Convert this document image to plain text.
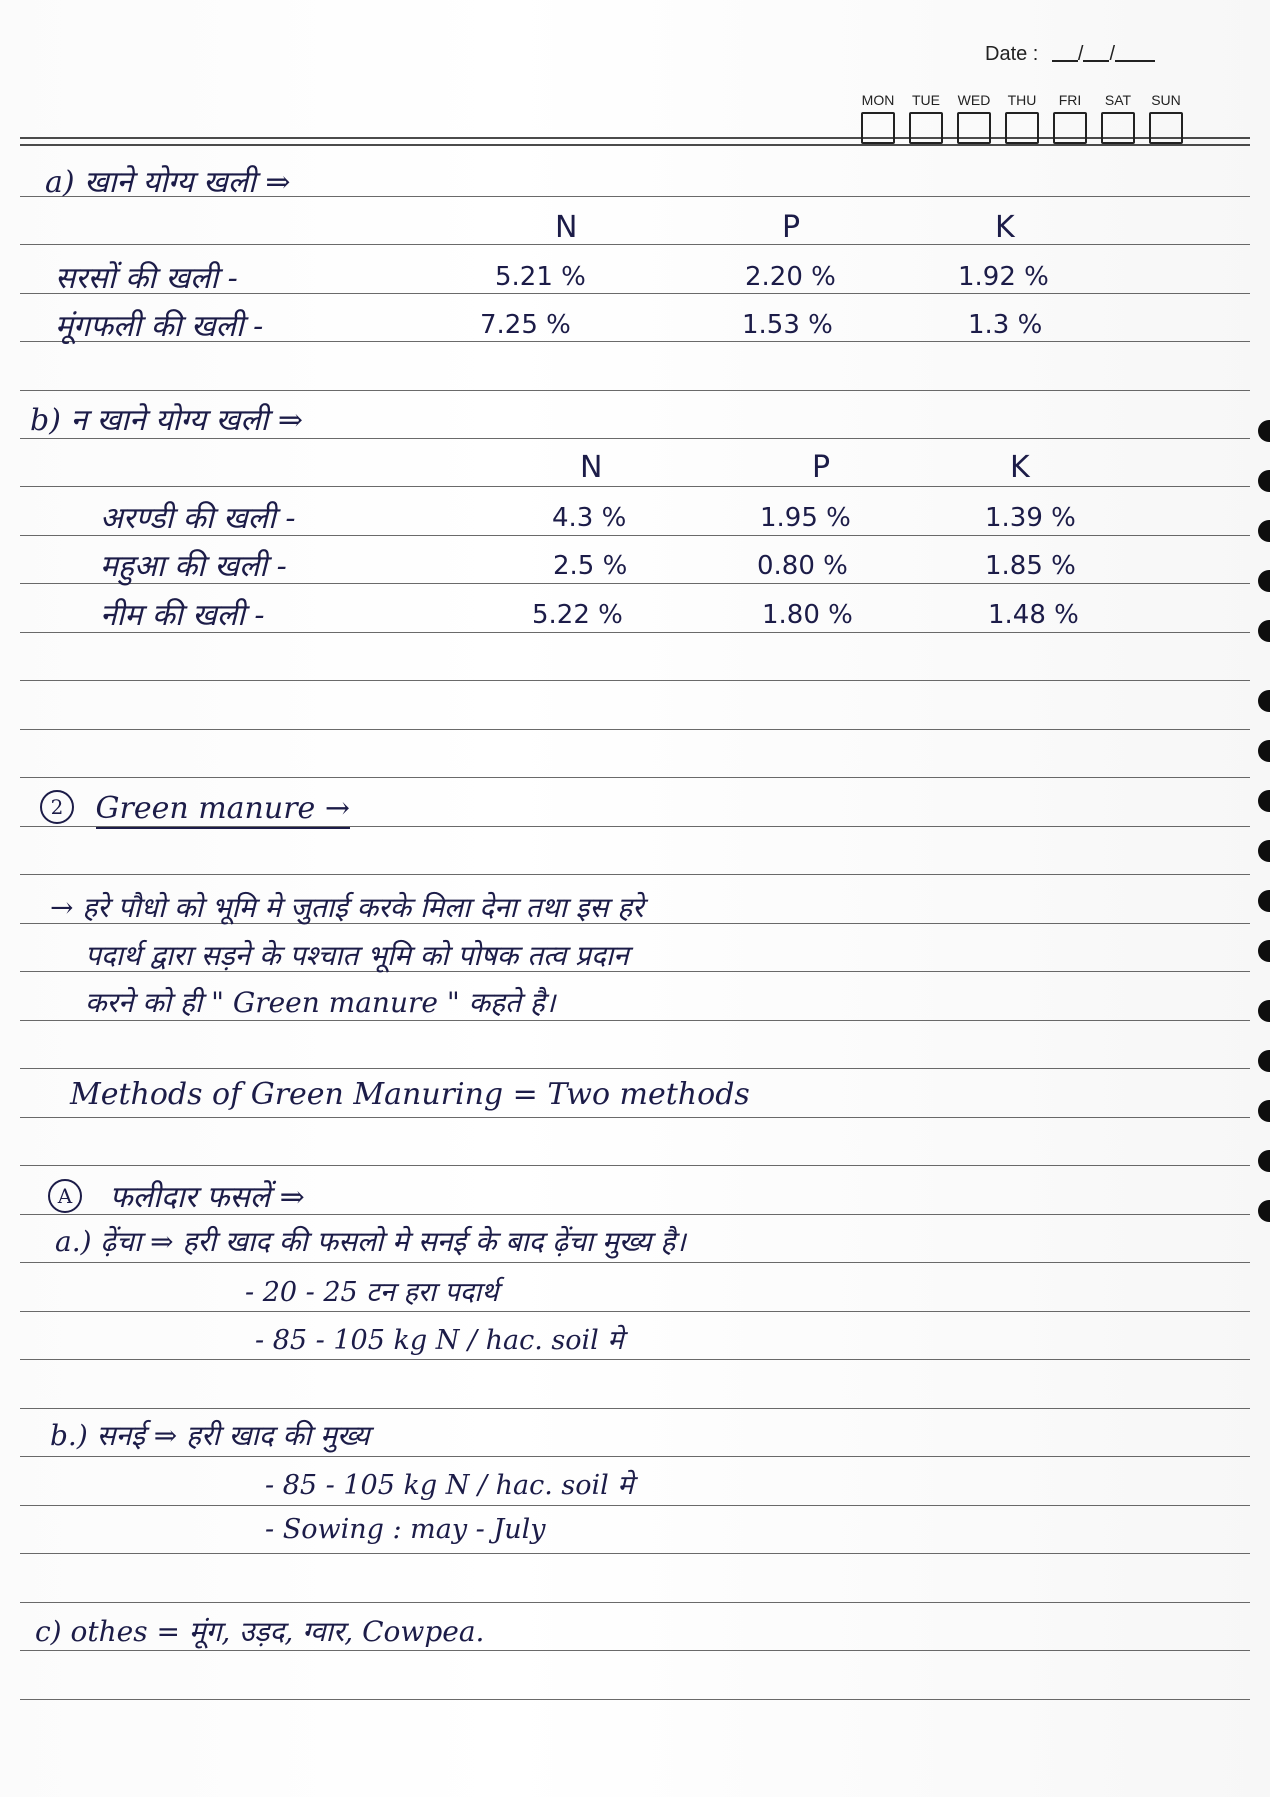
Date : / /
MON	TUE	WED	THU	FRI	SAT	SUN
a) खाने योग्य खली ⇒
N	P	K
सरसों की खली -	5.21 %	2.20 %	1.92 %
मूंगफली की खली -	7.25 %	1.53 %	1.3 %
b) न खाने योग्य खली ⇒
N	P	K
अरण्डी की खली -	4.3 %	1.95 %	1.39 %
महुआ की खली -	2.5 %	0.80 %	1.85 %
नीम की खली -	5.22 %	1.80 %	1.48 %
2 Green manure →
→ हरे पौधो को भूमि मे जुताई करके मिला देना तथा इस हरे
पदार्थ द्वारा सड़ने के पश्चात भूमि को पोषक तत्व प्रदान
करने को ही " Green manure " कहते है।
Methods of Green Manuring = Two methods
A फलीदार फसलें ⇒
a.) ढ़ेंचा ⇒ हरी खाद की फसलो मे सनई के बाद ढ़ेंचा मुख्य है।
- 20 - 25 टन हरा पदार्थ
- 85 - 105 kg N / hac. soil मे
b.) सनई ⇒ हरी खाद की मुख्य
- 85 - 105 kg N / hac. soil मे
- Sowing : may - July
c) othes = मूंग, उड़द, ग्वार, Cowpea.
